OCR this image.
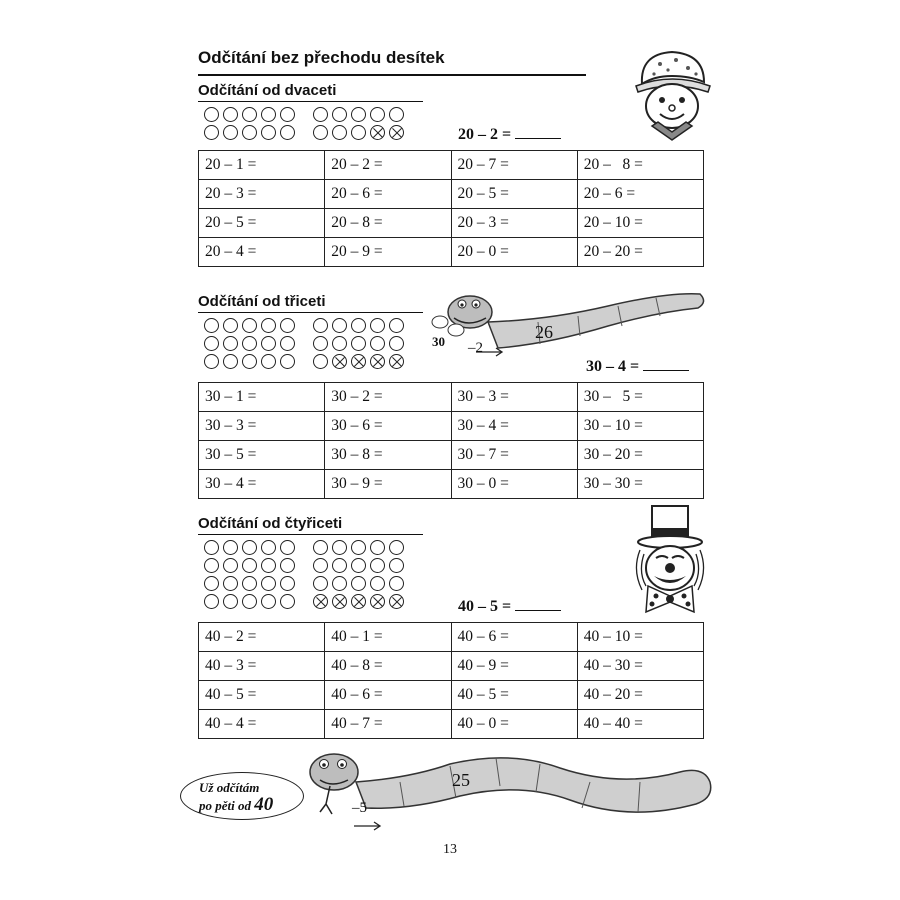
Odčítání bez přechodu desítek
Odčítání od dvaceti
20 – 2 =
20 – 1 =	20 – 2 =	20 – 7 =	20 –   8 =
20 – 3 =	20 – 6 =	20 – 5 =	20 – 6 =
20 – 5 =	20 – 8 =	20 – 3 =	20 – 10 =
20 – 4 =	20 – 9 =	20 – 0 =	20 – 20 =
Odčítání od třiceti
26
30 –2
30 – 4 =
30 – 1 =	30 – 2 =	30 – 3 =	30 –   5 =
30 – 3 =	30 – 6 =	30 – 4 =	30 – 10 =
30 – 5 =	30 – 8 =	30 – 7 =	30 – 20 =
30 – 4 =	30 – 9 =	30 – 0 =	30 – 30 =
Odčítání od čtyřiceti
40 – 5 =
40 – 2 =	40 – 1 =	40 – 6 =	40 – 10 =
40 – 3 =	40 – 8 =	40 – 9 =	40 – 30 =
40 – 5 =	40 – 6 =	40 – 5 =	40 – 20 =
40 – 4 =	40 – 7 =	40 – 0 =	40 – 40 =
25
–5
Už odčítám
po pěti od 40
13
